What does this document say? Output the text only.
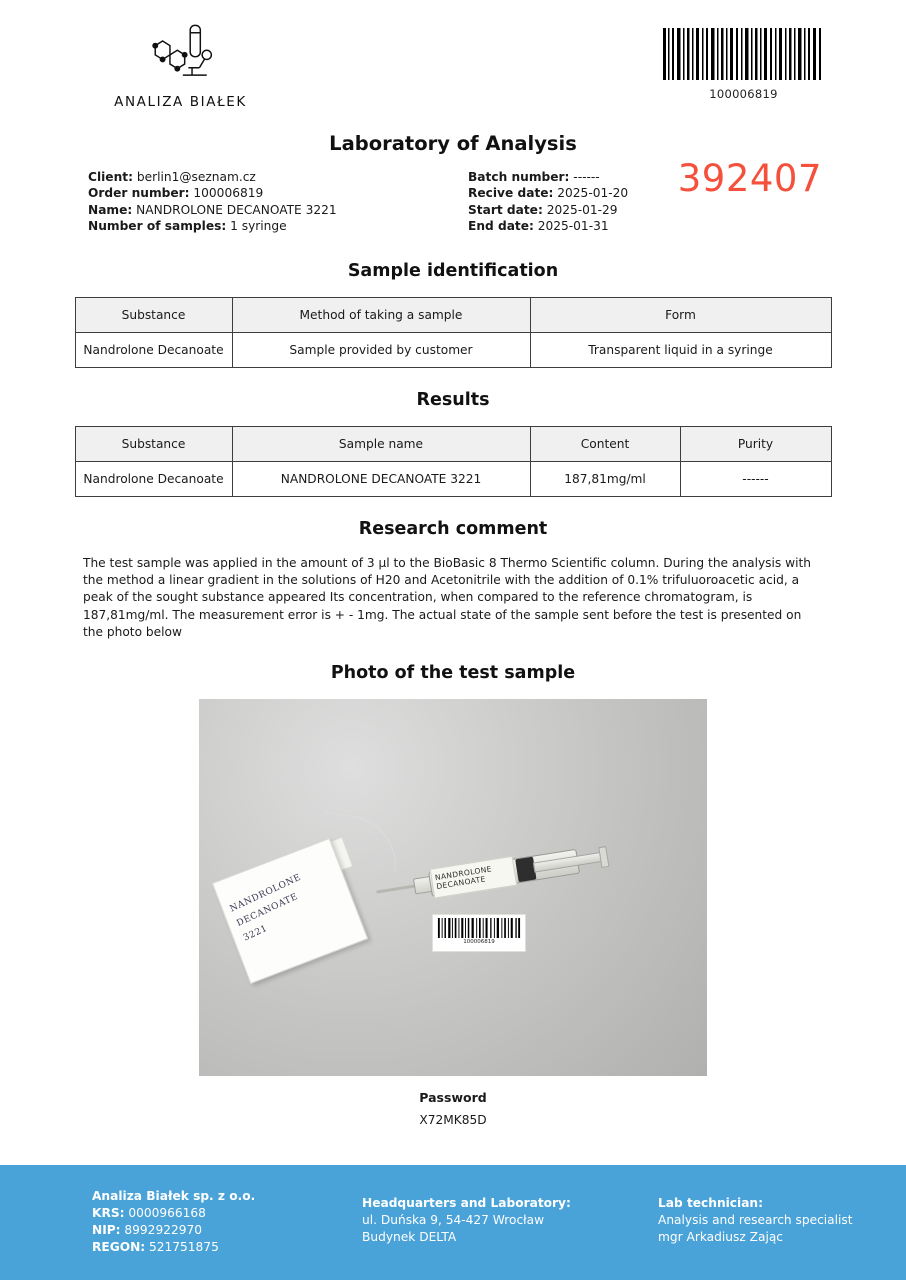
ANALIZA BIAŁEK	100006819
Laboratory of Analysis
Client: berlin1@seznam.cz
Order number: 100006819
Name: NANDROLONE DECANOATE 3221
Number of samples: 1 syringe
Batch number: ------
Recive date: 2025-01-20
Start date: 2025-01-29
End date: 2025-01-31
392407
Sample identification
Substance	Method of taking a sample	Form
Nandrolone Decanoate	Sample provided by customer	Transparent liquid in a syringe
Results
Substance	Sample name	Content	Purity
Nandrolone Decanoate	NANDROLONE DECANOATE 3221	187,81mg/ml	------
Research comment

The test sample was applied in the amount of 3 µl to the BioBasic 8 Thermo Scientific column. During the analysis with the method a linear gradient in the solutions of H20 and Acetonitrile with the addition of 0.1% trifuluoroacetic acid, a peak of the sought substance appeared Its concentration, when compared to the reference chromatogram, is 187,81mg/ml. The measurement error is + - 1mg. The actual state of the sample sent before the test is presented on the photo below

Photo of the test sample
NANDROLONE
DECANOATE
3221
NANDROLONE
DECANOATE
100006819
Password
X72MK85D
Analiza Białek sp. z o.o.
KRS: 0000966168
NIP: 8992922970
REGON: 521751875
Headquarters and Laboratory:
ul. Duńska 9, 54-427 Wrocław
Budynek DELTA
Lab technician:
Analysis and research specialist
mgr Arkadiusz Zając
